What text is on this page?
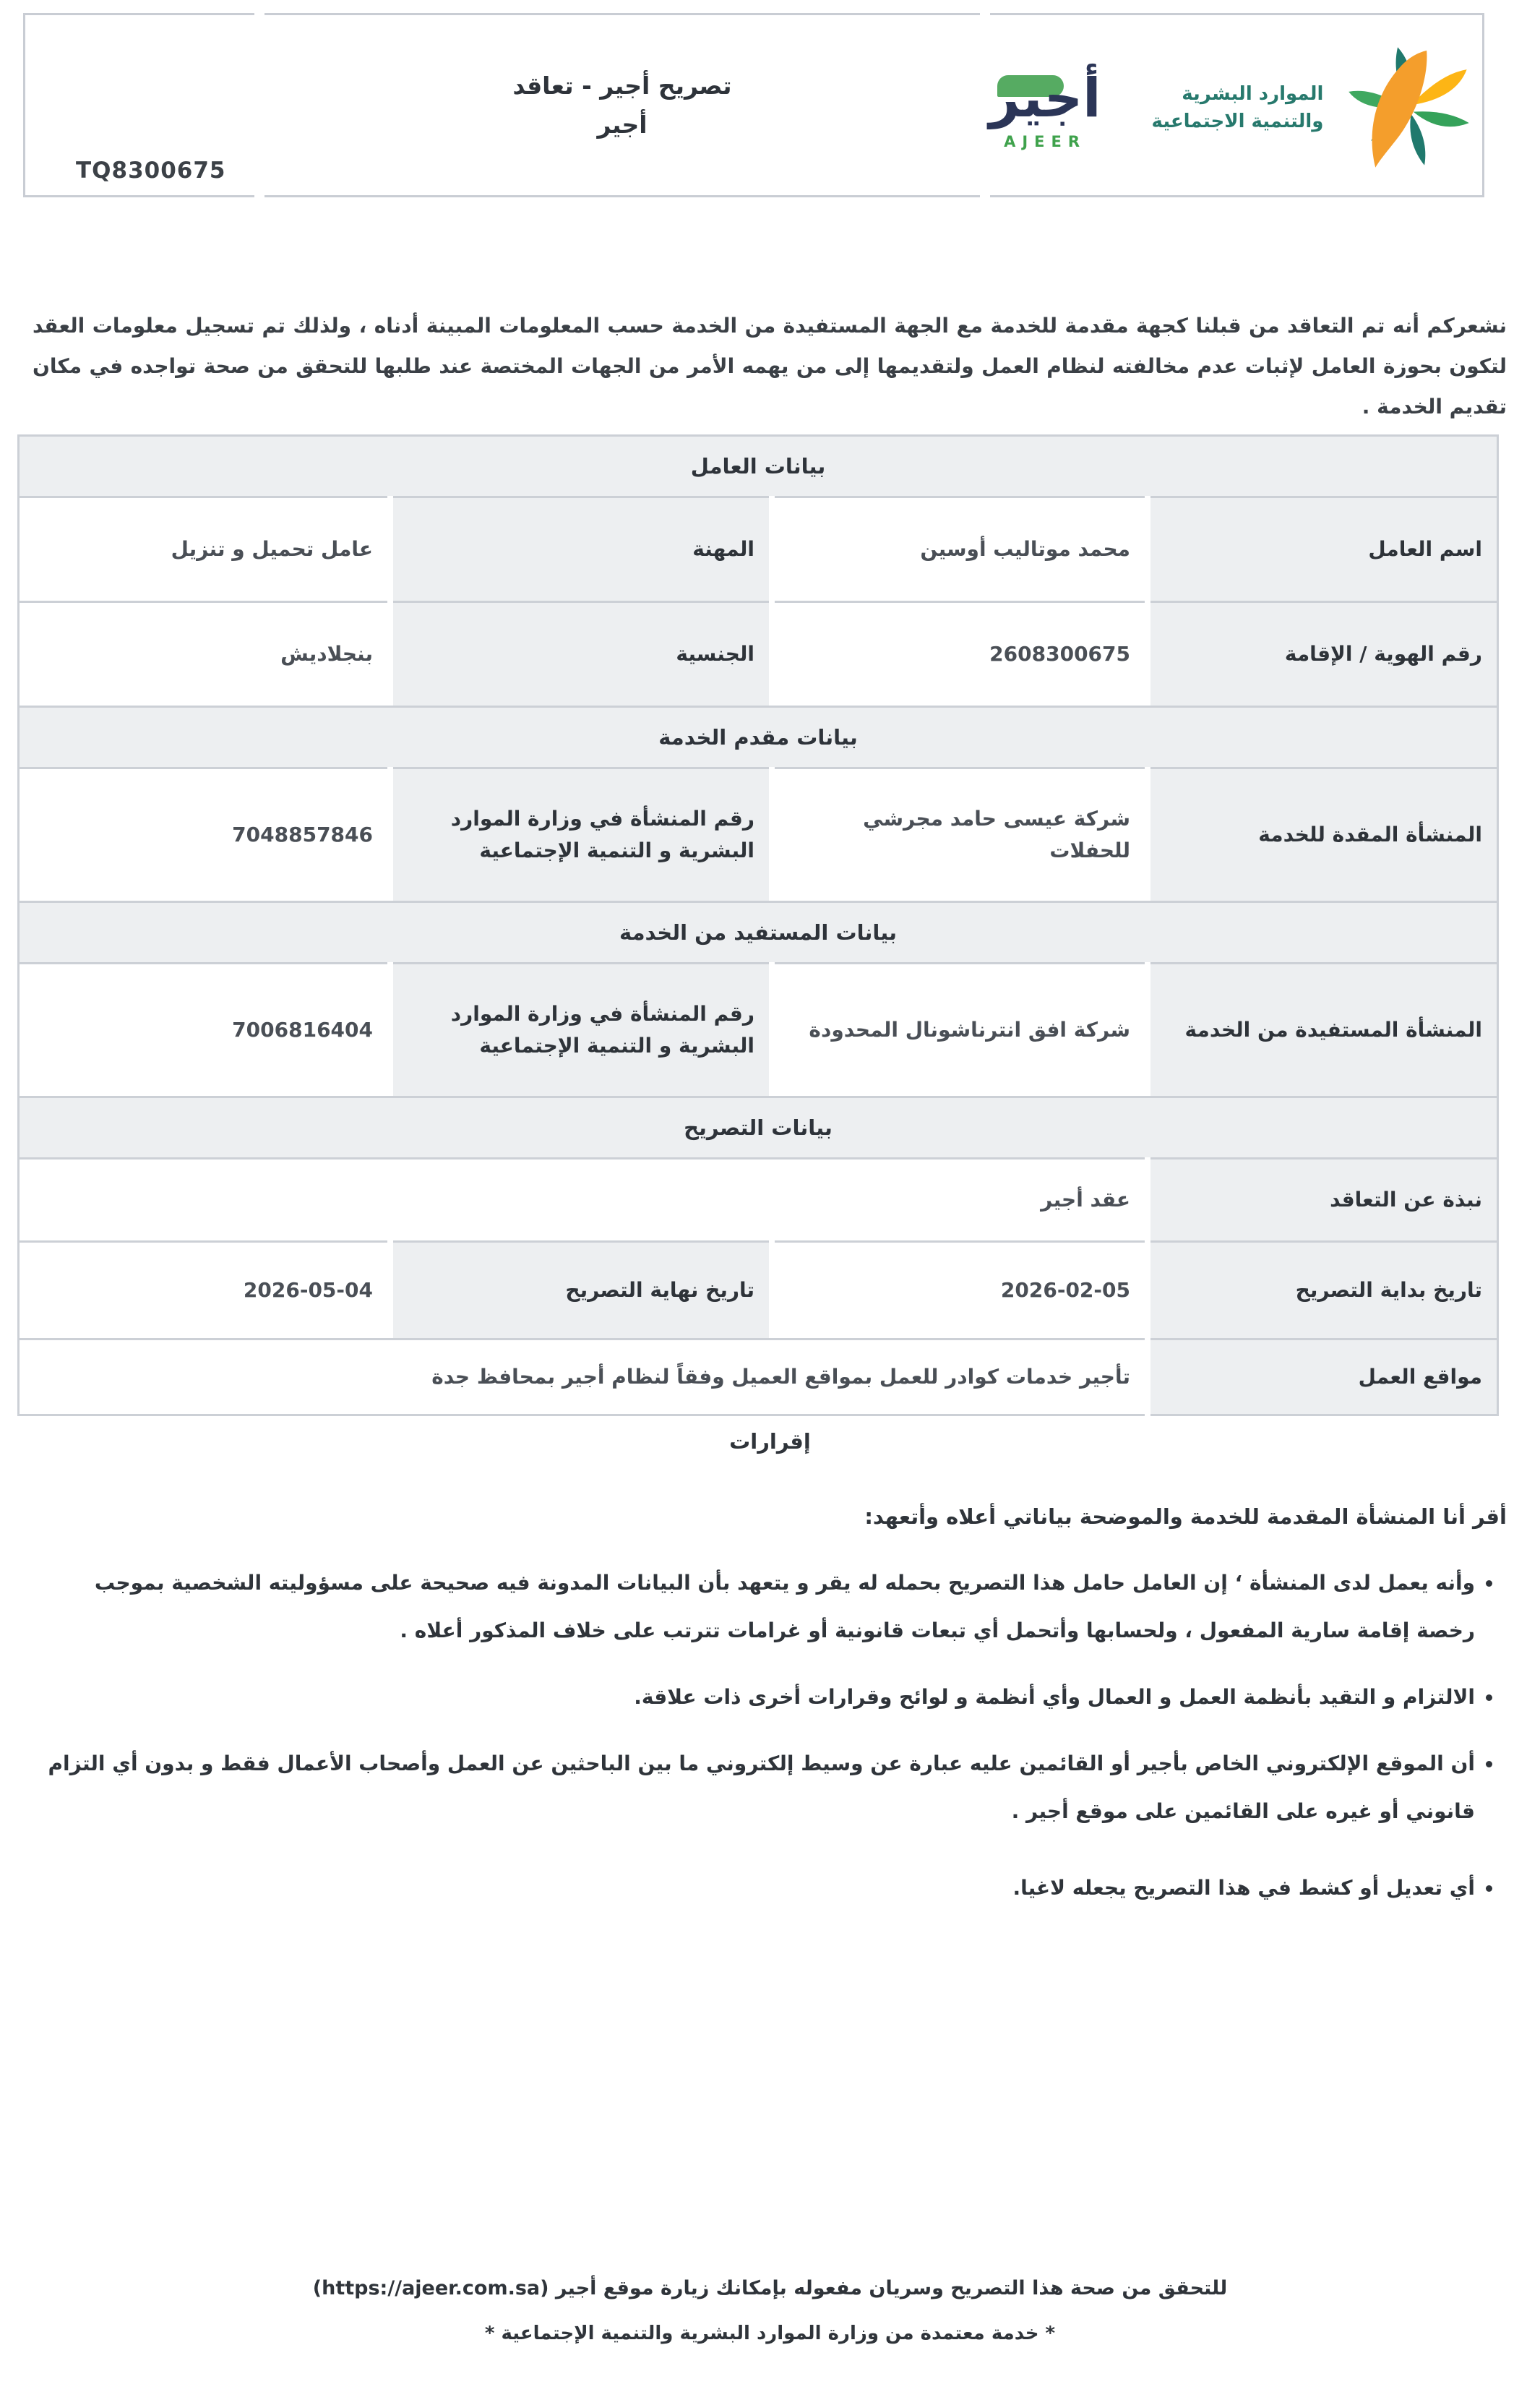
TQ8300675

تصريح أجير - تعاقد أجير	أجير
AJEER
الموارد البشرية
والتنمية الاجتماعية

نشعركم أنه تم التعاقد من قبلنا كجهة مقدمة للخدمة مع الجهة المستفيدة من الخدمة حسب المعلومات المبينة أدناه ، ولذلك تم تسجيل معلومات العقد لتكون بحوزة العامل لإثبات عدم مخالفته لنظام العمل ولتقديمها إلى من يهمه الأمر من الجهات المختصة عند طلبها للتحقق من صحة تواجده في مكان تقديم الخدمة .

بيانات العامل			
اسم العامل	محمد موتاليب أوسين	المهنة	عامل تحميل و تنزيل
رقم الهوية / الإقامة	2608300675	الجنسية	بنجلاديش
بيانات مقدم الخدمة			
المنشأة المقدة للخدمة	شركة عيسى حامد مجرشي للحفلات	رقم المنشأة في وزارة الموارد البشرية و التنمية الإجتماعية	7048857846
بيانات المستفيد من الخدمة			
المنشأة المستفيدة من الخدمة	شركة افق انترناشونال المحدودة	رقم المنشأة في وزارة الموارد البشرية و التنمية الإجتماعية	7006816404
بيانات التصريح			
نبذة عن التعاقد	عقد أجير		
تاريخ بداية التصريح	2026-02-05	تاريخ نهاية التصريح	2026-05-04
مواقع العمل	تأجير خدمات كوادر للعمل بمواقع العميل وفقاً لنظام أجير بمحافظ جدة		
إقرارات
أقر أنا المنشأة المقدمة للخدمة والموضحة بياناتي أعلاه وأتعهد:
• وأنه يعمل لدى المنشأة ‘ إن العامل حامل هذا التصريح بحمله له يقر و يتعهد بأن البيانات المدونة فيه صحيحة على مسؤوليته الشخصية بموجب رخصة إقامة سارية المفعول ، ولحسابها وأتحمل أي تبعات قانونية أو غرامات تترتب على خلاف المذكور أعلاه .
• الالتزام و التقيد بأنظمة العمل و العمال وأي أنظمة و لوائح وقرارات أخرى ذات علاقة.
• أن الموقع الإلكتروني الخاص بأجير أو القائمين عليه عبارة عن وسيط إلكتروني ما بين الباحثين عن العمل وأصحاب الأعمال فقط و بدون أي التزام قانوني أو غيره على القائمين على موقع أجير .
• أي تعديل أو كشط في هذا التصريح يجعله لاغيا.
للتحقق من صحة هذا التصريح وسريان مفعوله بإمكانك زيارة موقع أجير (https://ajeer.com.sa)
* خدمة معتمدة من وزارة الموارد البشرية والتنمية الإجتماعية *
